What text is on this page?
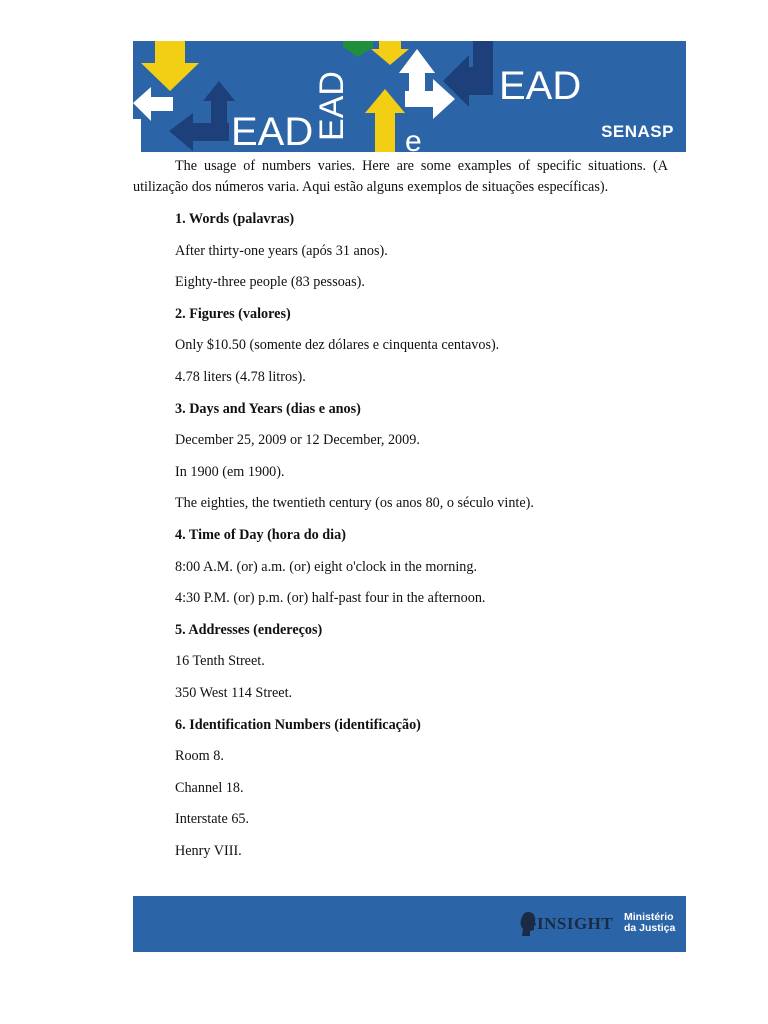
EAD
EAD
EAD
e	SENASP

The usage of numbers varies. Here are some examples of specific situations. (A utilização dos números varia. Aqui estão alguns exemplos de situações específicas).

1. Words (palavras)
After thirty-one years (após 31 anos).
Eighty-three people (83 pessoas).
2. Figures (valores)
Only $10.50 (somente dez dólares e cinquenta centavos).
4.78 liters (4.78 litros).
3. Days and Years (dias e anos)
December 25, 2009 or 12 December, 2009.
In 1900 (em 1900).
The eighties, the twentieth century (os anos 80, o século vinte).
4. Time of Day (hora do dia)
8:00 A.M. (or) a.m. (or) eight o'clock in the morning.
4:30 P.M. (or) p.m. (or) half-past four in the afternoon.
5. Addresses (endereços)
16 Tenth Street.
350 West 114 Street.
6. Identification Numbers (identificação)
Room 8.
Channel 18.
Interstate 65.
Henry VIII.
INSIGHT Ministério
da Justiça
